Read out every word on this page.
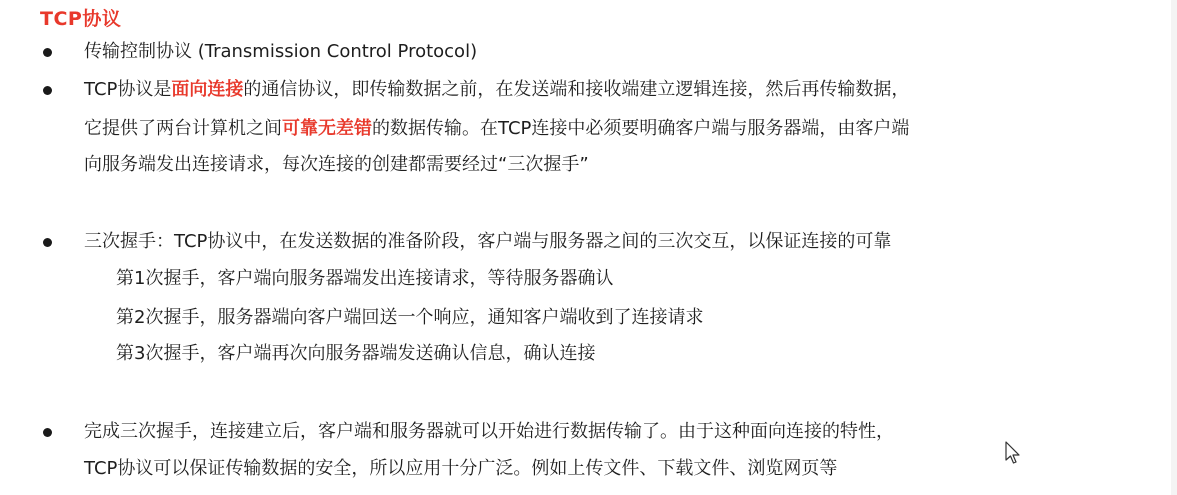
TCP协议
传输控制协议 (Transmission Control Protocol)
TCP协议是面向连接的通信协议，即传输数据之前，在发送端和接收端建立逻辑连接，然后再传输数据，
它提供了两台计算机之间可靠无差错的数据传输。在TCP连接中必须要明确客户端与服务器端，由客户端
向服务端发出连接请求，每次连接的创建都需要经过“三次握手”
三次握手：TCP协议中，在发送数据的准备阶段，客户端与服务器之间的三次交互，以保证连接的可靠
第1次握手，客户端向服务器端发出连接请求，等待服务器确认
第2次握手，服务器端向客户端回送一个响应，通知客户端收到了连接请求
第3次握手，客户端再次向服务器端发送确认信息，确认连接
完成三次握手，连接建立后，客户端和服务器就可以开始进行数据传输了。由于这种面向连接的特性，
TCP协议可以保证传输数据的安全，所以应用十分广泛。例如上传文件、下载文件、浏览网页等
